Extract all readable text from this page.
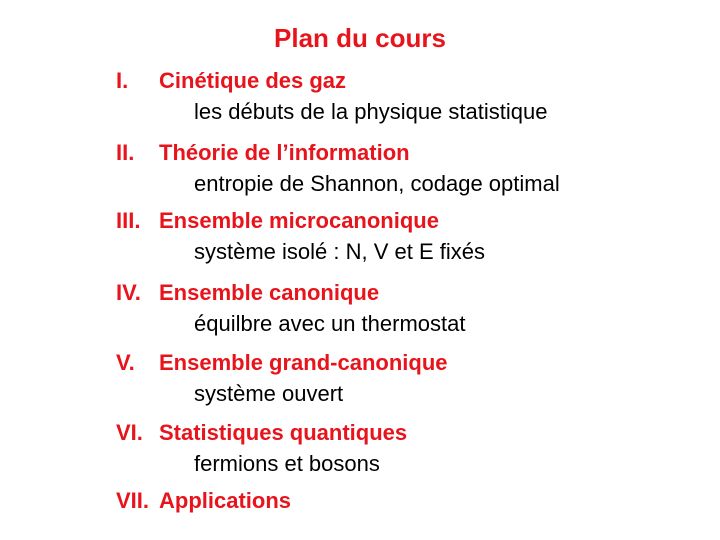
Plan du cours
I. Cinétique des gaz
les débuts de la physique statistique
II. Théorie de l’information
entropie de Shannon, codage optimal
III. Ensemble microcanonique
système isolé : N, V et E fixés
IV. Ensemble canonique
équilbre avec un thermostat
V. Ensemble grand-canonique
système ouvert
VI. Statistiques quantiques
fermions et bosons
VII. Applications
